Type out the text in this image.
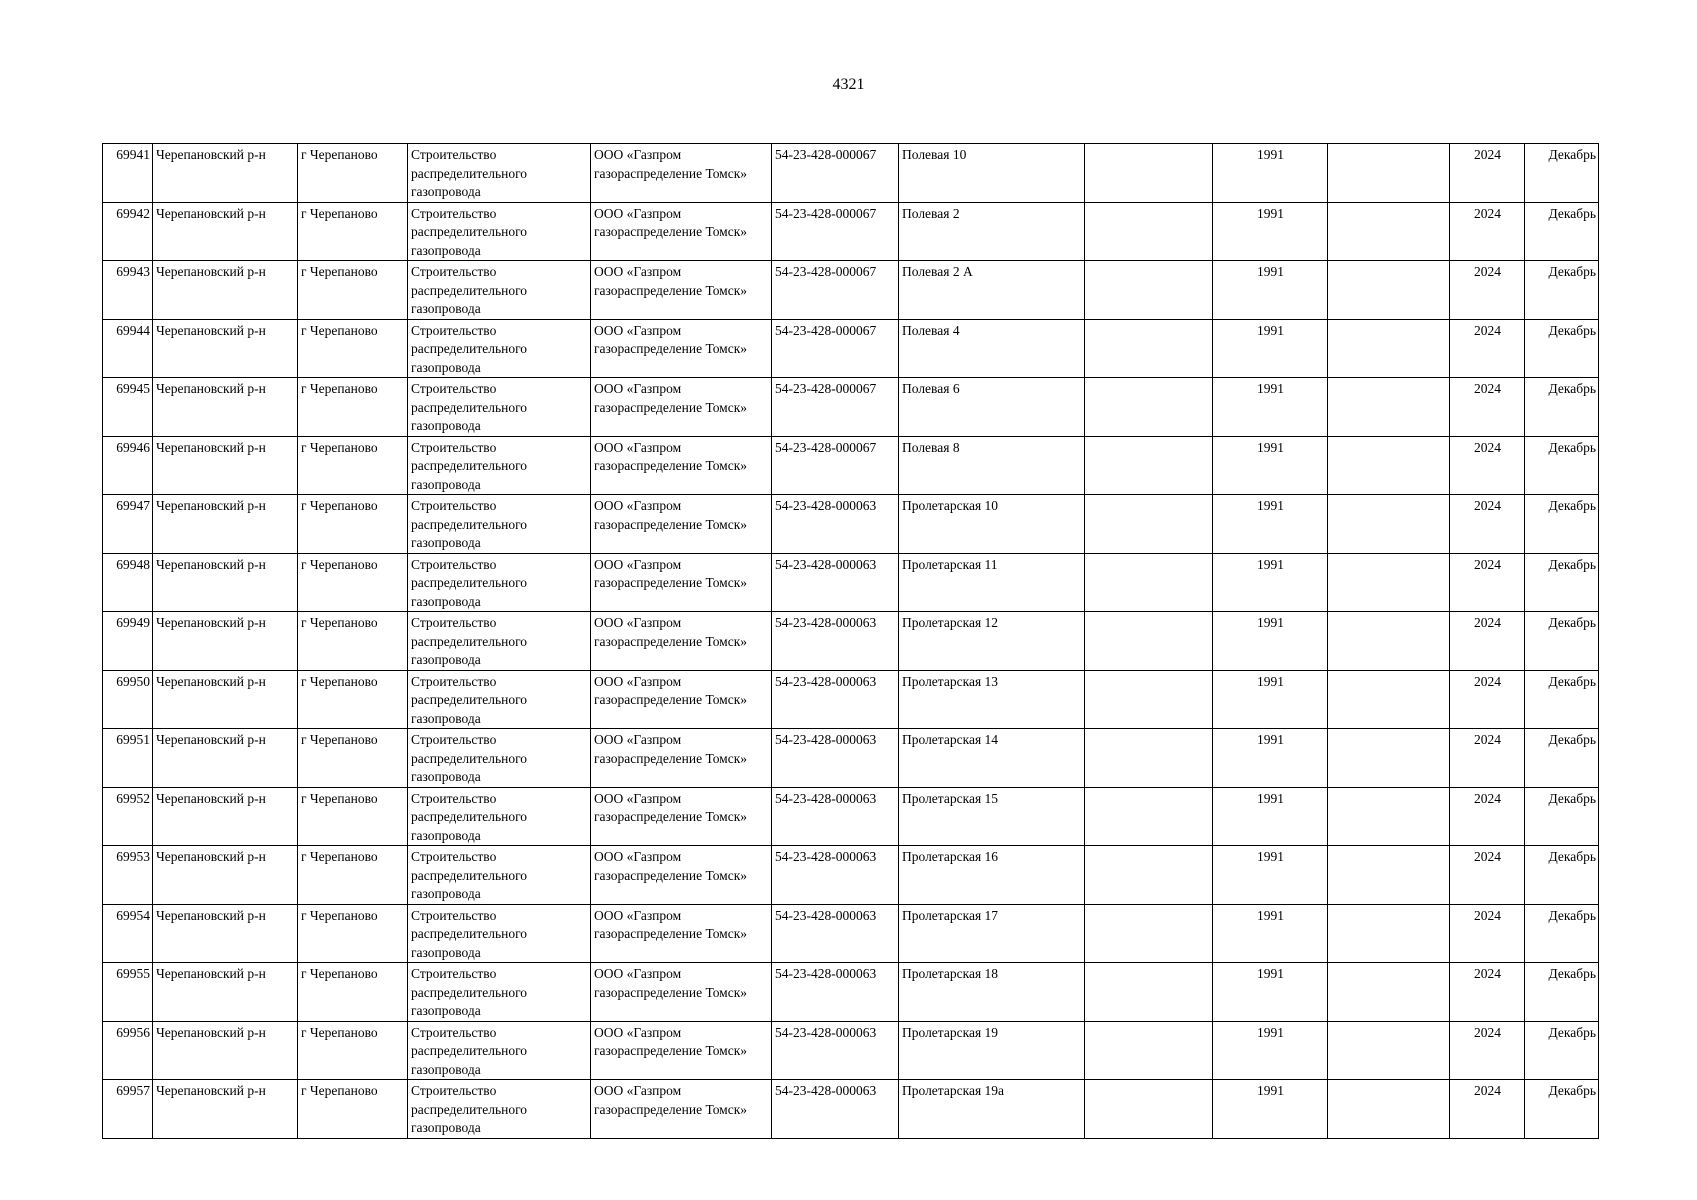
4321
69941	Черепановский р-н	г Черепаново	Строительство распределительного газопровода	ООО «Газпром газораспределение Томск»	54-23-428-000067	Полевая 10		1991		2024	Декабрь
69942	Черепановский р-н	г Черепаново	Строительство распределительного газопровода	ООО «Газпром газораспределение Томск»	54-23-428-000067	Полевая 2		1991		2024	Декабрь
69943	Черепановский р-н	г Черепаново	Строительство распределительного газопровода	ООО «Газпром газораспределение Томск»	54-23-428-000067	Полевая 2 А		1991		2024	Декабрь
69944	Черепановский р-н	г Черепаново	Строительство распределительного газопровода	ООО «Газпром газораспределение Томск»	54-23-428-000067	Полевая 4		1991		2024	Декабрь
69945	Черепановский р-н	г Черепаново	Строительство распределительного газопровода	ООО «Газпром газораспределение Томск»	54-23-428-000067	Полевая 6		1991		2024	Декабрь
69946	Черепановский р-н	г Черепаново	Строительство распределительного газопровода	ООО «Газпром газораспределение Томск»	54-23-428-000067	Полевая 8		1991		2024	Декабрь
69947	Черепановский р-н	г Черепаново	Строительство распределительного газопровода	ООО «Газпром газораспределение Томск»	54-23-428-000063	Пролетарская 10		1991		2024	Декабрь
69948	Черепановский р-н	г Черепаново	Строительство распределительного газопровода	ООО «Газпром газораспределение Томск»	54-23-428-000063	Пролетарская 11		1991		2024	Декабрь
69949	Черепановский р-н	г Черепаново	Строительство распределительного газопровода	ООО «Газпром газораспределение Томск»	54-23-428-000063	Пролетарская 12		1991		2024	Декабрь
69950	Черепановский р-н	г Черепаново	Строительство распределительного газопровода	ООО «Газпром газораспределение Томск»	54-23-428-000063	Пролетарская 13		1991		2024	Декабрь
69951	Черепановский р-н	г Черепаново	Строительство распределительного газопровода	ООО «Газпром газораспределение Томск»	54-23-428-000063	Пролетарская 14		1991		2024	Декабрь
69952	Черепановский р-н	г Черепаново	Строительство распределительного газопровода	ООО «Газпром газораспределение Томск»	54-23-428-000063	Пролетарская 15		1991		2024	Декабрь
69953	Черепановский р-н	г Черепаново	Строительство распределительного газопровода	ООО «Газпром газораспределение Томск»	54-23-428-000063	Пролетарская 16		1991		2024	Декабрь
69954	Черепановский р-н	г Черепаново	Строительство распределительного газопровода	ООО «Газпром газораспределение Томск»	54-23-428-000063	Пролетарская 17		1991		2024	Декабрь
69955	Черепановский р-н	г Черепаново	Строительство распределительного газопровода	ООО «Газпром газораспределение Томск»	54-23-428-000063	Пролетарская 18		1991		2024	Декабрь
69956	Черепановский р-н	г Черепаново	Строительство распределительного газопровода	ООО «Газпром газораспределение Томск»	54-23-428-000063	Пролетарская 19		1991		2024	Декабрь
69957	Черепановский р-н	г Черепаново	Строительство распределительного газопровода	ООО «Газпром газораспределение Томск»	54-23-428-000063	Пролетарская 19а		1991		2024	Декабрь
